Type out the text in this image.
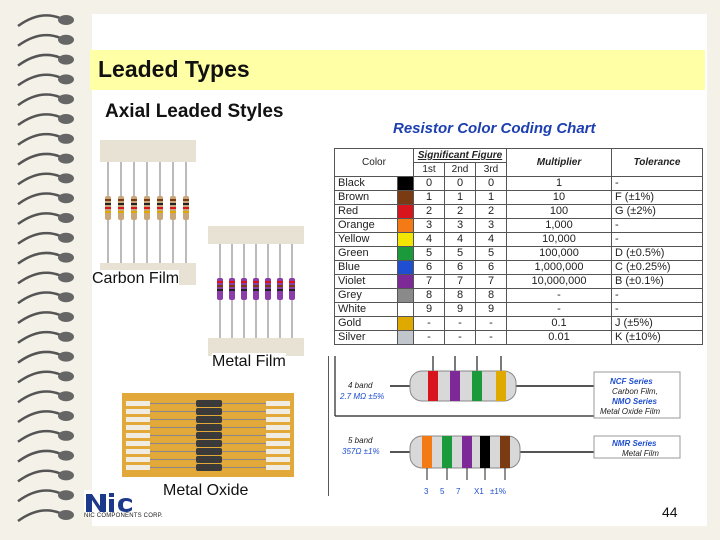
Leaded Types
Axial Leaded Styles
Carbon Film
Metal Film
Metal Oxide
Resistor Color Coding Chart
Color		Significant Figure			Multiplier	Tolerance
		1st	2nd	3rd		
Black		0	0	0	1	-
Brown		1	1	1	10	F (±1%)
Red		2	2	2	100	G (±2%)
Orange		3	3	3	1,000	-
Yellow		4	4	4	10,000	-
Green		5	5	5	100,000	D (±0.5%)
Blue		6	6	6	1,000,000	C (±0.25%)
Violet		7	7	7	10,000,000	B (±0.1%)
Grey		8	8	8	-	-
White		9	9	9	-	-
Gold		-	-	-	0.1	J (±5%)
Silver		-	-	-	0.01	K (±10%)
4 band
2.7 MΩ ±5%
5 band
357Ω ±1%
NCF Series
Carbon Film,
NMO Series
Metal Oxide Film
NMR Series
Metal Film
3 5 7 X1 ±1%
NIC COMPONENTS CORP.	44
